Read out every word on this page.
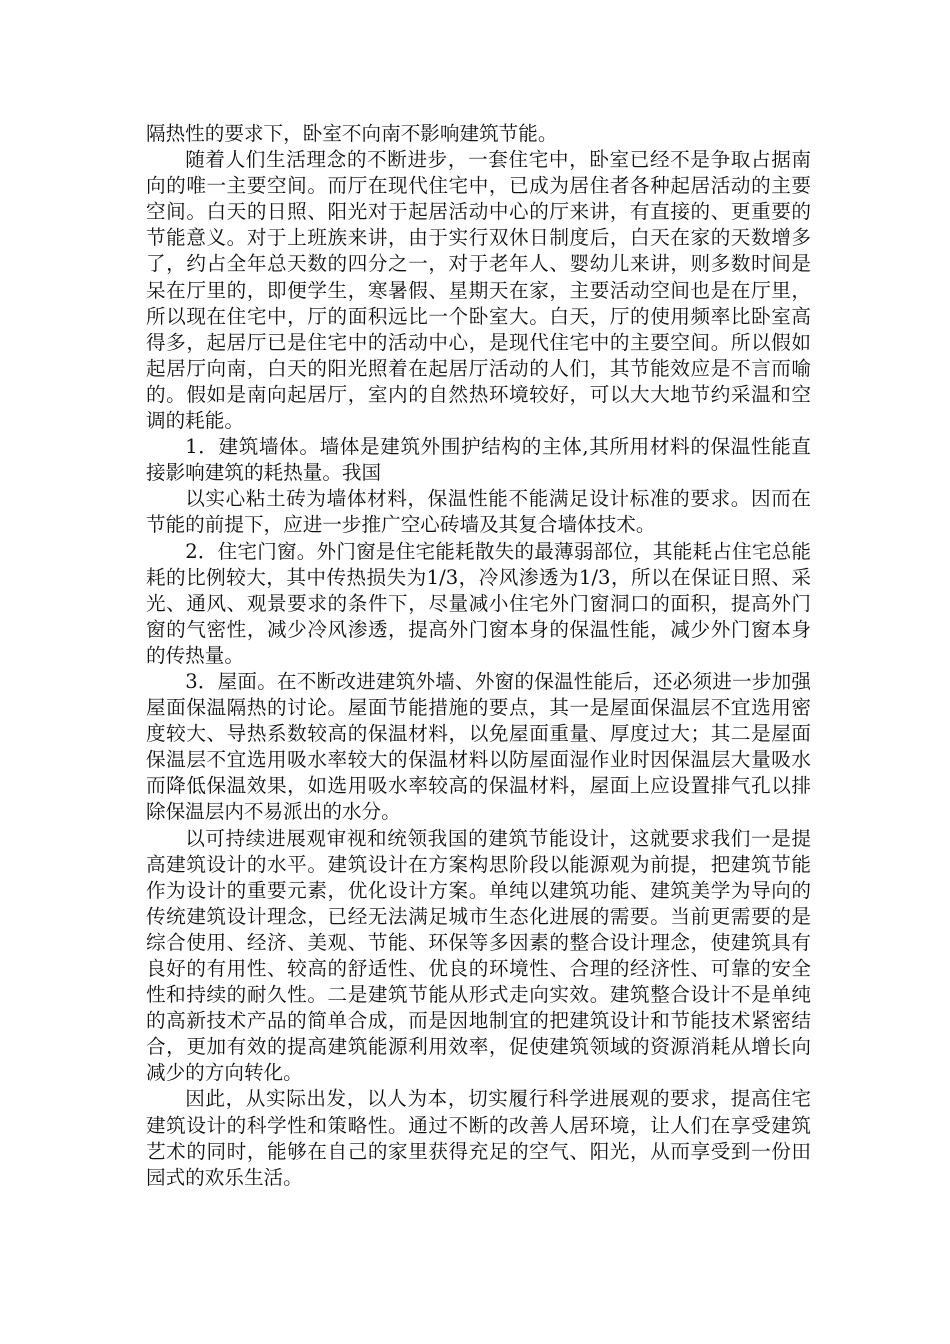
隔热性的要求下，卧室不向南不影响建筑节能。

随着人们生活理念的不断进步，一套住宅中，卧室已经不是争取占据南向的唯一主要空间。而厅在现代住宅中，已成为居住者各种起居活动的主要空间。白天的日照、阳光对于起居活动中心的厅来讲，有直接的、更重要的节能意义。对于上班族来讲，由于实行双休日制度后，白天在家的天数增多了，约占全年总天数的四分之一，对于老年人、婴幼儿来讲，则多数时间是呆在厅里的，即便学生，寒暑假、星期天在家，主要活动空间也是在厅里，所以现在住宅中，厅的面积远比一个卧室大。白天，厅的使用频率比卧室高得多，起居厅已是住宅中的活动中心，是现代住宅中的主要空间。所以假如起居厅向南，白天的阳光照着在起居厅活动的人们，其节能效应是不言而喻的。假如是南向起居厅，室内的自然热环境较好，可以大大地节约采温和空调的耗能。

1．建筑墙体。墙体是建筑外围护结构的主体,其所用材料的保温性能直接影响建筑的耗热量。我国

以实心粘土砖为墙体材料，保温性能不能满足设计标准的要求。因而在节能的前提下，应进一步推广空心砖墙及其复合墙体技术。

2．住宅门窗。外门窗是住宅能耗散失的最薄弱部位，其能耗占住宅总能耗的比例较大，其中传热损失为1/3，冷风渗透为1/3，所以在保证日照、采光、通风、观景要求的条件下，尽量减小住宅外门窗洞口的面积，提高外门窗的气密性，减少冷风渗透，提高外门窗本身的保温性能，减少外门窗本身的传热量。

3．屋面。在不断改进建筑外墙、外窗的保温性能后，还必须进一步加强屋面保温隔热的讨论。屋面节能措施的要点，其一是屋面保温层不宜选用密度较大、导热系数较高的保温材料，以免屋面重量、厚度过大；其二是屋面保温层不宜选用吸水率较大的保温材料以防屋面湿作业时因保温层大量吸水而降低保温效果，如选用吸水率较高的保温材料，屋面上应设置排气孔以排除保温层内不易派出的水分。

以可持续进展观审视和统领我国的建筑节能设计，这就要求我们一是提高建筑设计的水平。建筑设计在方案构思阶段以能源观为前提，把建筑节能作为设计的重要元素，优化设计方案。单纯以建筑功能、建筑美学为导向的传统建筑设计理念，已经无法满足城市生态化进展的需要。当前更需要的是综合使用、经济、美观、节能、环保等多因素的整合设计理念，使建筑具有良好的有用性、较高的舒适性、优良的环境性、合理的经济性、可靠的安全性和持续的耐久性。二是建筑节能从形式走向实效。建筑整合设计不是单纯的高新技术产品的简单合成，而是因地制宜的把建筑设计和节能技术紧密结合，更加有效的提高建筑能源利用效率，促使建筑领域的资源消耗从增长向减少的方向转化。

因此，从实际出发，以人为本，切实履行科学进展观的要求，提高住宅建筑设计的科学性和策略性。通过不断的改善人居环境，让人们在享受建筑艺术的同时，能够在自己的家里获得充足的空气、阳光，从而享受到一份田园式的欢乐生活。
